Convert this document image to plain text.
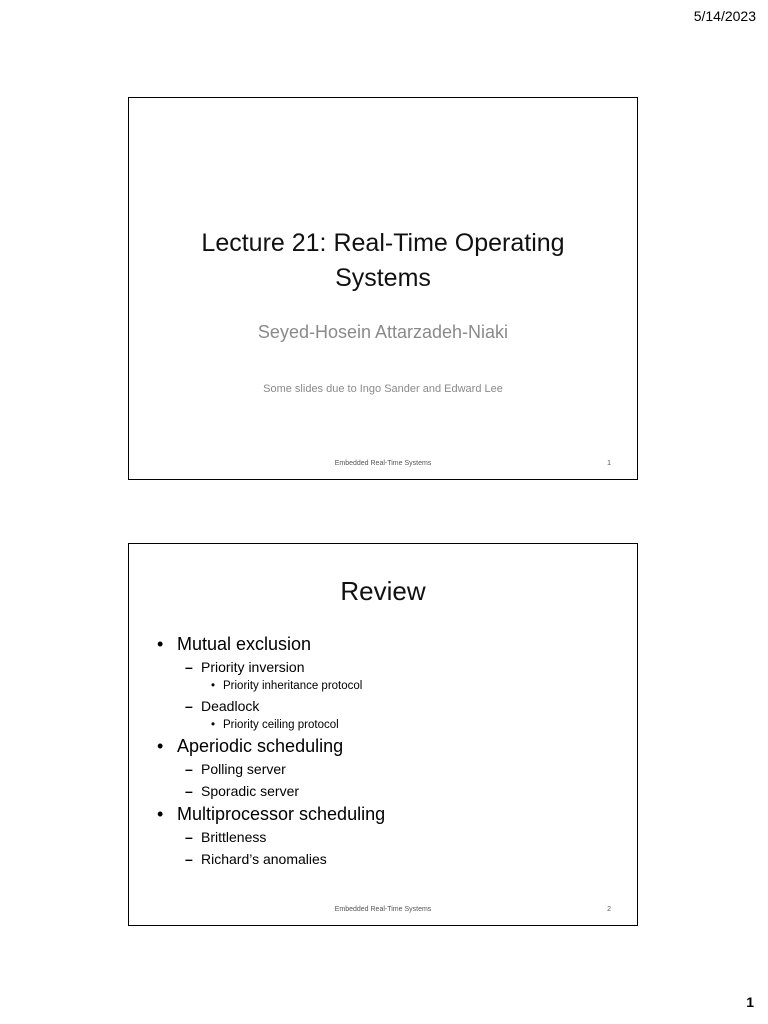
5/14/2023
Lecture 21: Real-Time Operating
Systems
Seyed-Hosein Attarzadeh-Niaki
Some slides due to Ingo Sander and Edward Lee
Embedded Real-Time Systems	1
Review
• Mutual exclusion
– Priority inversion
• Priority inheritance protocol
– Deadlock
• Priority ceiling protocol
• Aperiodic scheduling
– Polling server
– Sporadic server
• Multiprocessor scheduling
– Brittleness
– Richard’s anomalies
Embedded Real-Time Systems	2
1
